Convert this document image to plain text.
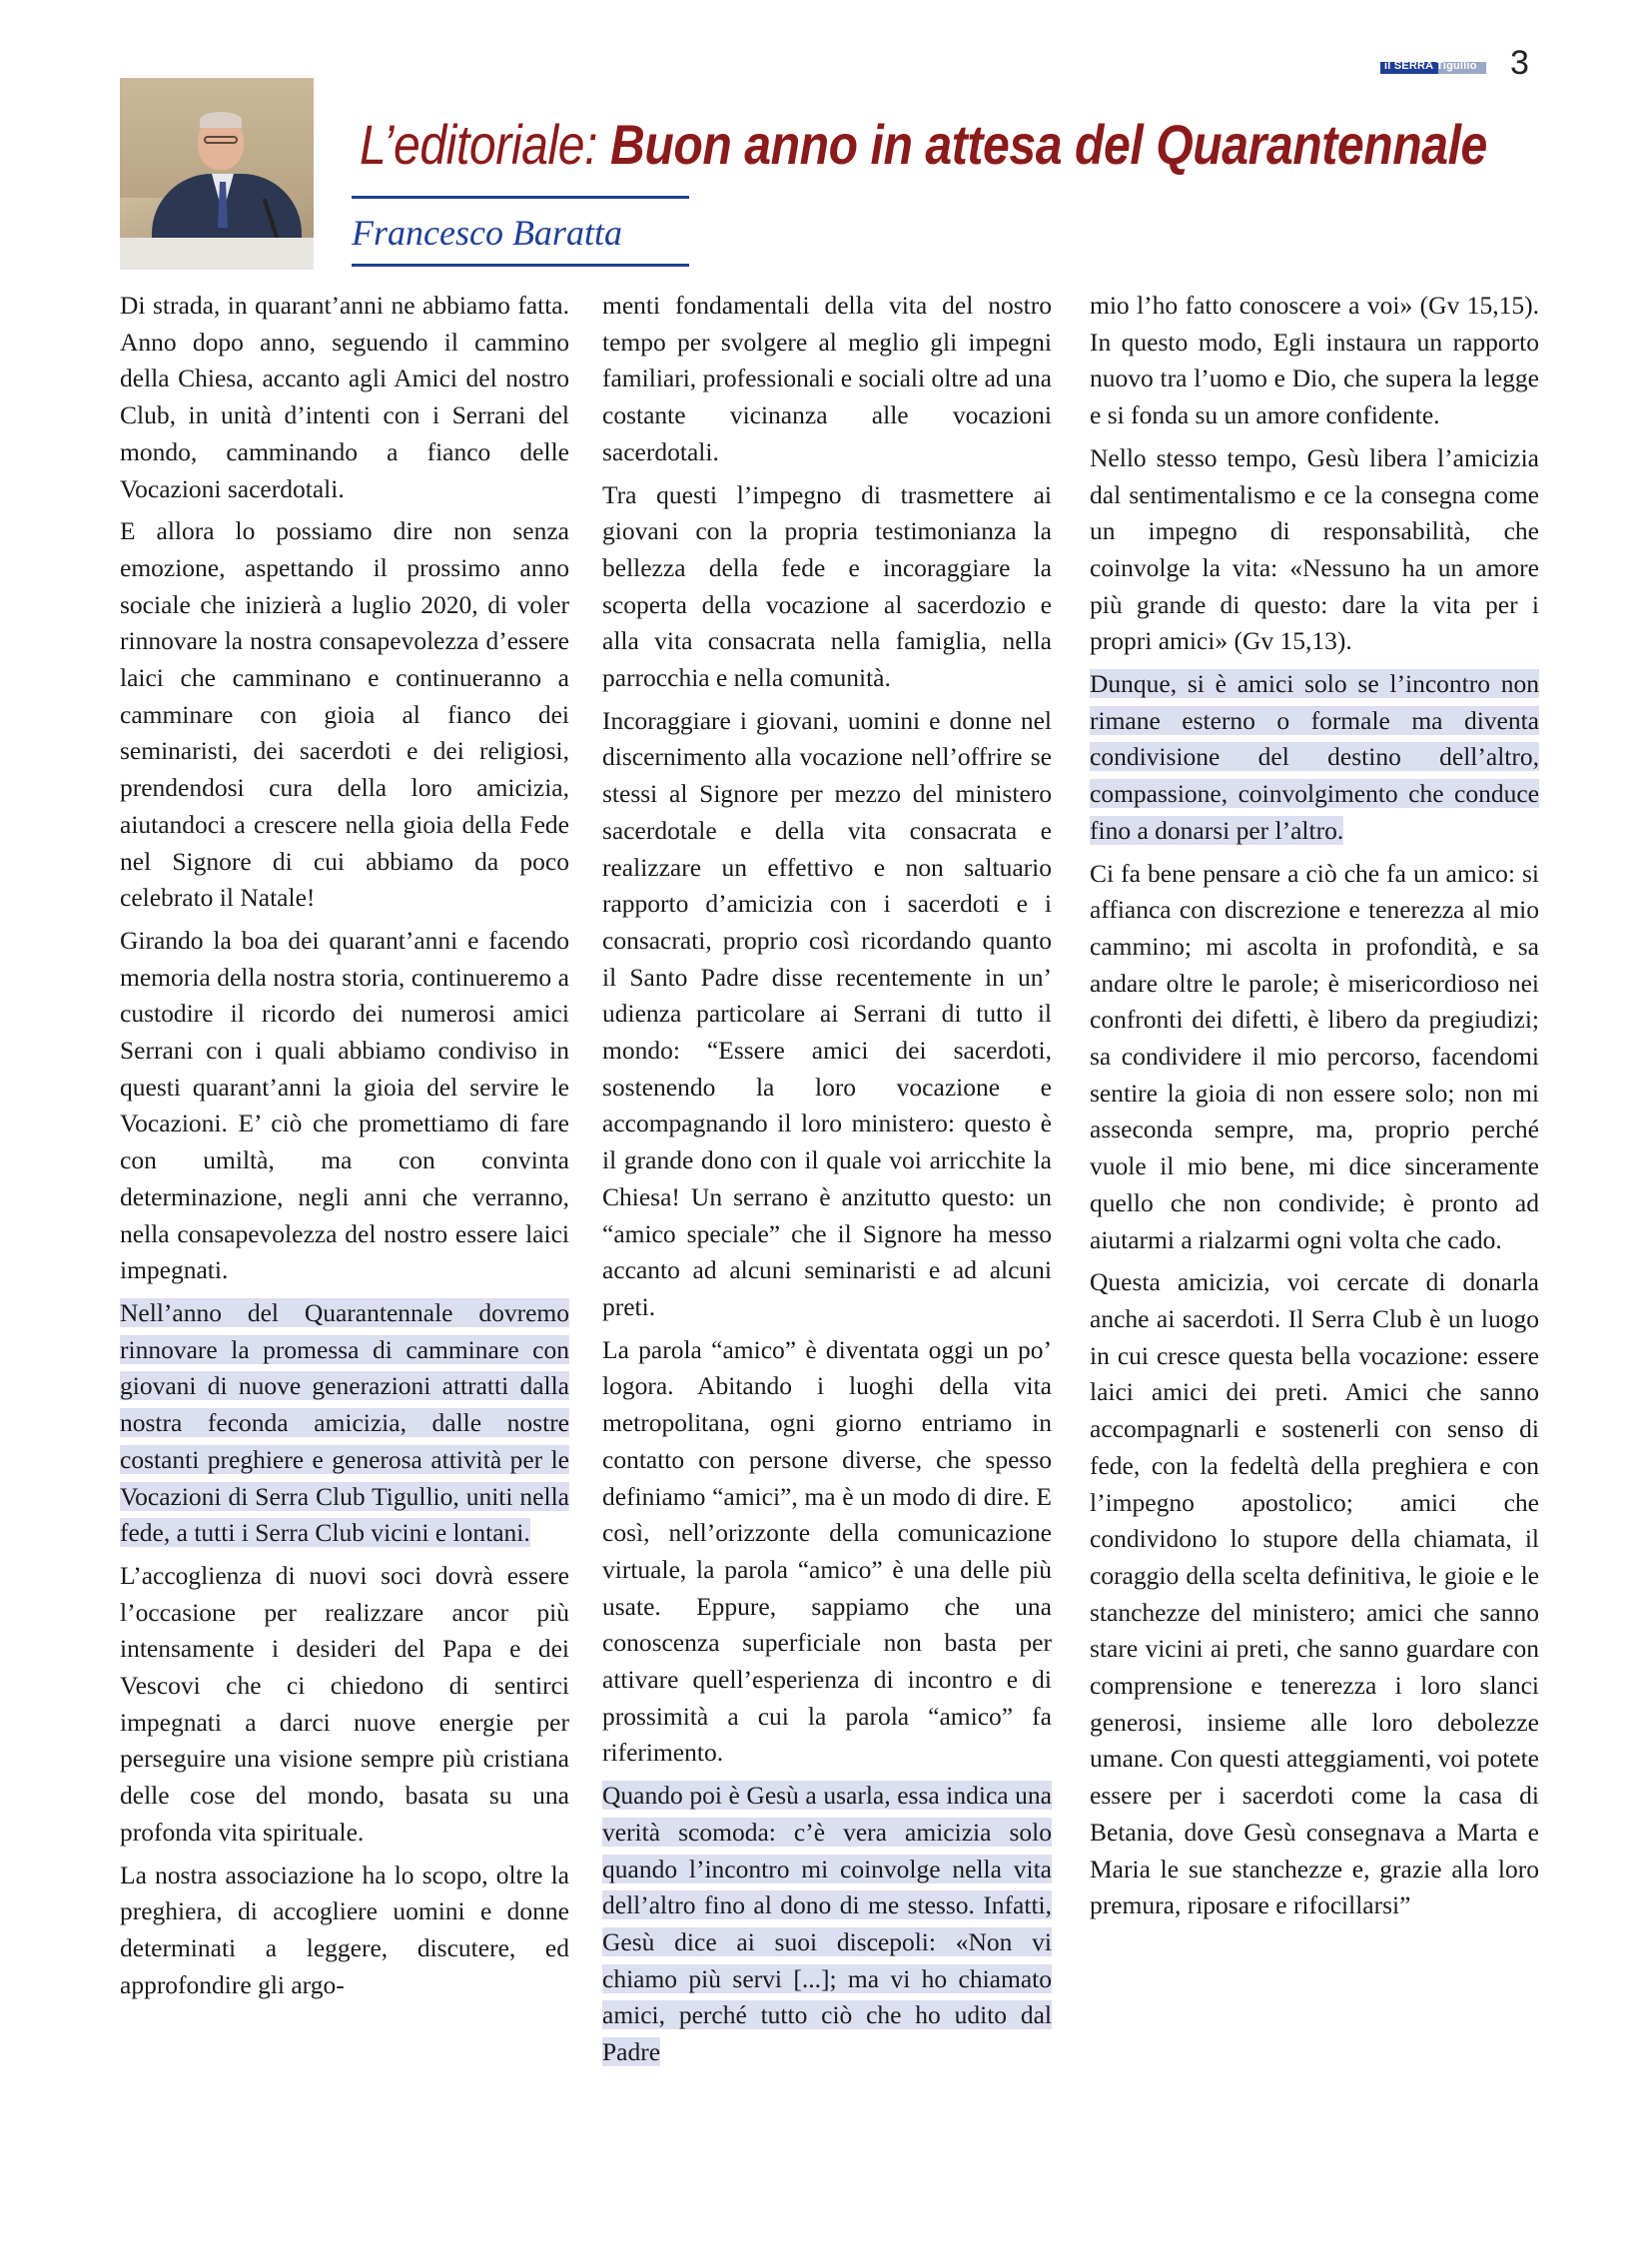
il SERRA Tigullio 3
L’editoriale: Buon anno in attesa del Quarantennale
Francesco Baratta

Di strada, in quarant’anni ne abbiamo fatta. Anno dopo anno, seguendo il cammino della Chiesa, accanto agli Amici del nostro Club, in unità d’intenti con i Serrani del mondo, camminando a fianco delle Vocazioni sacerdotali.

E allora lo possiamo dire non senza emozione, aspettando il prossimo anno sociale che inizierà a luglio 2020, di voler rinnovare la nostra consapevolezza d’essere laici che camminano e continueranno a camminare con gioia al fianco dei seminaristi, dei sacerdoti e dei religiosi, prendendosi cura della loro amicizia, aiutandoci a crescere nella gioia della Fede nel Signore di cui abbiamo da poco celebrato il Natale!

Girando la boa dei quarant’anni e facendo memoria della nostra storia, continueremo a custodire il ricordo dei numerosi amici Serrani con i quali abbiamo condiviso in questi quarant’anni la gioia del servire le Vocazioni. E’ ciò che promettiamo di fare con umiltà, ma con convinta determinazione, negli anni che verranno, nella consapevolezza del nostro essere laici impegnati.

Nell’anno del Quarantennale dovremo rinnovare la promessa di camminare con giovani di nuove generazioni attratti dalla nostra feconda amicizia, dalle nostre costanti preghiere e generosa attività per le Vocazioni di Serra Club Tigullio, uniti nella fede, a tutti i Serra Club vicini e lontani.

L’accoglienza di nuovi soci dovrà essere l’occasione per realizzare ancor più intensamente i desideri del Papa e dei Vescovi che ci chiedono di sentirci impegnati a darci nuove energie per perseguire una visione sempre più cristiana delle cose del mondo, basata su una profonda vita spirituale.

La nostra associazione ha lo scopo, oltre la preghiera, di accogliere uomini e donne determinati a leggere, discutere, ed approfondire gli argo-

menti fondamentali della vita del nostro tempo per svolgere al meglio gli impegni familiari, professionali e sociali oltre ad una costante vicinanza alle vocazioni sacerdotali.

Tra questi l’impegno di trasmettere ai giovani con la propria testimonianza la bellezza della fede e incoraggiare la scoperta della vocazione al sacerdozio e alla vita consacrata nella famiglia, nella parrocchia e nella comunità.

Incoraggiare i giovani, uomini e donne nel discernimento alla vocazione nell’offrire se stessi al Signore per mezzo del ministero sacerdotale e della vita consacrata e realizzare un effettivo e non saltuario rapporto d’amicizia con i sacerdoti e i consacrati, proprio così ricordando quanto il Santo Padre disse recentemente in un’ udienza particolare ai Serrani di tutto il mondo: “Essere amici dei sacerdoti, sostenendo la loro vocazione e accompagnando il loro ministero: questo è il grande dono con il quale voi arricchite la Chiesa! Un serrano è anzitutto questo: un “amico speciale” che il Signore ha messo accanto ad alcuni seminaristi e ad alcuni preti.

La parola “amico” è diventata oggi un po’ logora. Abitando i luoghi della vita metropolitana, ogni giorno entriamo in contatto con persone diverse, che spesso definiamo “amici”, ma è un modo di dire. E così, nell’orizzonte della comunicazione virtuale, la parola “amico” è una delle più usate. Eppure, sappiamo che una conoscenza superficiale non basta per attivare quell’esperienza di incontro e di prossimità a cui la parola “amico” fa riferimento.

Quando poi è Gesù a usarla, essa indica una verità scomoda: c’è vera amicizia solo quando l’incontro mi coinvolge nella vita dell’altro fino al dono di me stesso. Infatti, Gesù dice ai suoi discepoli: «Non vi chiamo più servi [...]; ma vi ho chiamato amici, perché tutto ciò che ho udito dal Padre

mio l’ho fatto conoscere a voi» (Gv 15,15). In questo modo, Egli instaura un rapporto nuovo tra l’uomo e Dio, che supera la legge e si fonda su un amore confidente.

Nello stesso tempo, Gesù libera l’amicizia dal sentimentalismo e ce la consegna come un impegno di responsabilità, che coinvolge la vita: «Nessuno ha un amore più grande di questo: dare la vita per i propri amici» (Gv 15,13).

Dunque, si è amici solo se l’incontro non rimane esterno o formale ma diventa condivisione del destino dell’altro, compassione, coinvolgimento che conduce fino a donarsi per l’altro.

Ci fa bene pensare a ciò che fa un amico: si affianca con discrezione e tenerezza al mio cammino; mi ascolta in profondità, e sa andare oltre le parole; è misericordioso nei confronti dei difetti, è libero da pregiudizi; sa condividere il mio percorso, facendomi sentire la gioia di non essere solo; non mi asseconda sempre, ma, proprio perché vuole il mio bene, mi dice sinceramente quello che non condivide; è pronto ad aiutarmi a rialzarmi ogni volta che cado.

Questa amicizia, voi cercate di donarla anche ai sacerdoti. Il Serra Club è un luogo in cui cresce questa bella vocazione: essere laici amici dei preti. Amici che sanno accompagnarli e sostenerli con senso di fede, con la fedeltà della preghiera e con l’impegno apostolico; amici che condividono lo stupore della chiamata, il coraggio della scelta definitiva, le gioie e le stanchezze del ministero; amici che sanno stare vicini ai preti, che sanno guardare con comprensione e tenerezza i loro slanci generosi, insieme alle loro debolezze umane. Con questi atteggiamenti, voi potete essere per i sacerdoti come la casa di Betania, dove Gesù consegnava a Marta e Maria le sue stanchezze e, grazie alla loro premura, riposare e rifocillarsi”
